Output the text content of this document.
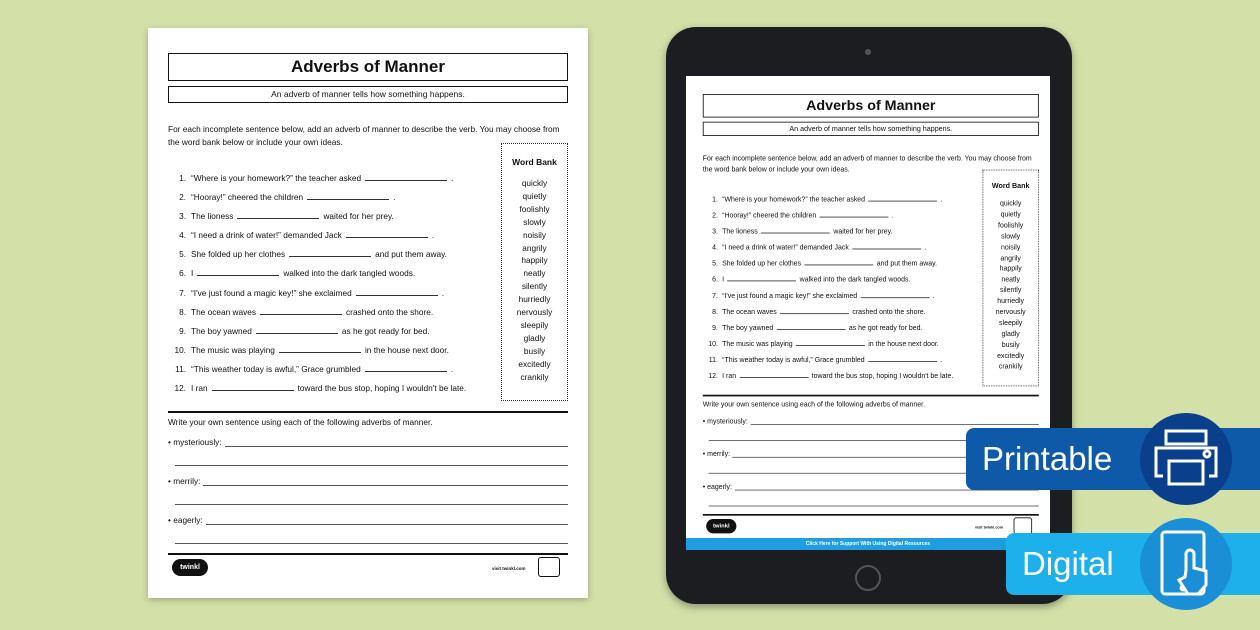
Adverbs of Manner
An adverb of manner tells how something happens.
For each incomplete sentence below, add an adverb of manner to describe the verb. You may choose from the word bank below or include your own ideas.
1. “Where is your homework?” the teacher asked	.
2. “Hooray!” cheered the children	.
3. The lioness	waited for her prey.
4. “I need a drink of water!” demanded Jack	.
5. She folded up her clothes	and put them away.
6. I	walked into the dark tangled woods.
7. “I've just found a magic key!” she exclaimed	.
8. The ocean waves	crashed onto the shore.
9. The boy yawned	as he got ready for bed.
10. The music was playing	in the house next door.
11. “This weather today is awful,” Grace grumbled	.
12. I ran	toward the bus stop, hoping I wouldn't be late.
Word Bank
quickly
quietly
foolishly
slowly
noisily
angrily
happily
neatly
silently
hurriedly
nervously
sleepily
gladly
busily
excitedly
crankily
Write your own sentence using each of the following adverbs of manner.
• mysteriously:
• merrily:
• eagerly:
twinkl	visit twinkl.com
Adverbs of Manner
An adverb of manner tells how something happens.
For each incomplete sentence below, add an adverb of manner to describe the verb. You may choose from the word bank below or include your own ideas.
1. “Where is your homework?” the teacher asked	.
2. “Hooray!” cheered the children	.
3. The lioness	waited for her prey.
4. “I need a drink of water!” demanded Jack	.
5. She folded up her clothes	and put them away.
6. I	walked into the dark tangled woods.
7. “I've just found a magic key!” she exclaimed	.
8. The ocean waves	crashed onto the shore.
9. The boy yawned	as he got ready for bed.
10. The music was playing	in the house next door.
11. “This weather today is awful,” Grace grumbled	.
12. I ran	toward the bus stop, hoping I wouldn't be late.
Word Bank
quickly
quietly
foolishly
slowly
noisily
angrily
happily
neatly
silently
hurriedly
nervously
sleepily
gladly
busily
excitedly
crankily
Write your own sentence using each of the following adverbs of manner.
• mysteriously:
• merrily:
• eagerly:
twinkl	visit twinkl.com
Click Here for Support With Using Digital Resources
Printable
Digital
